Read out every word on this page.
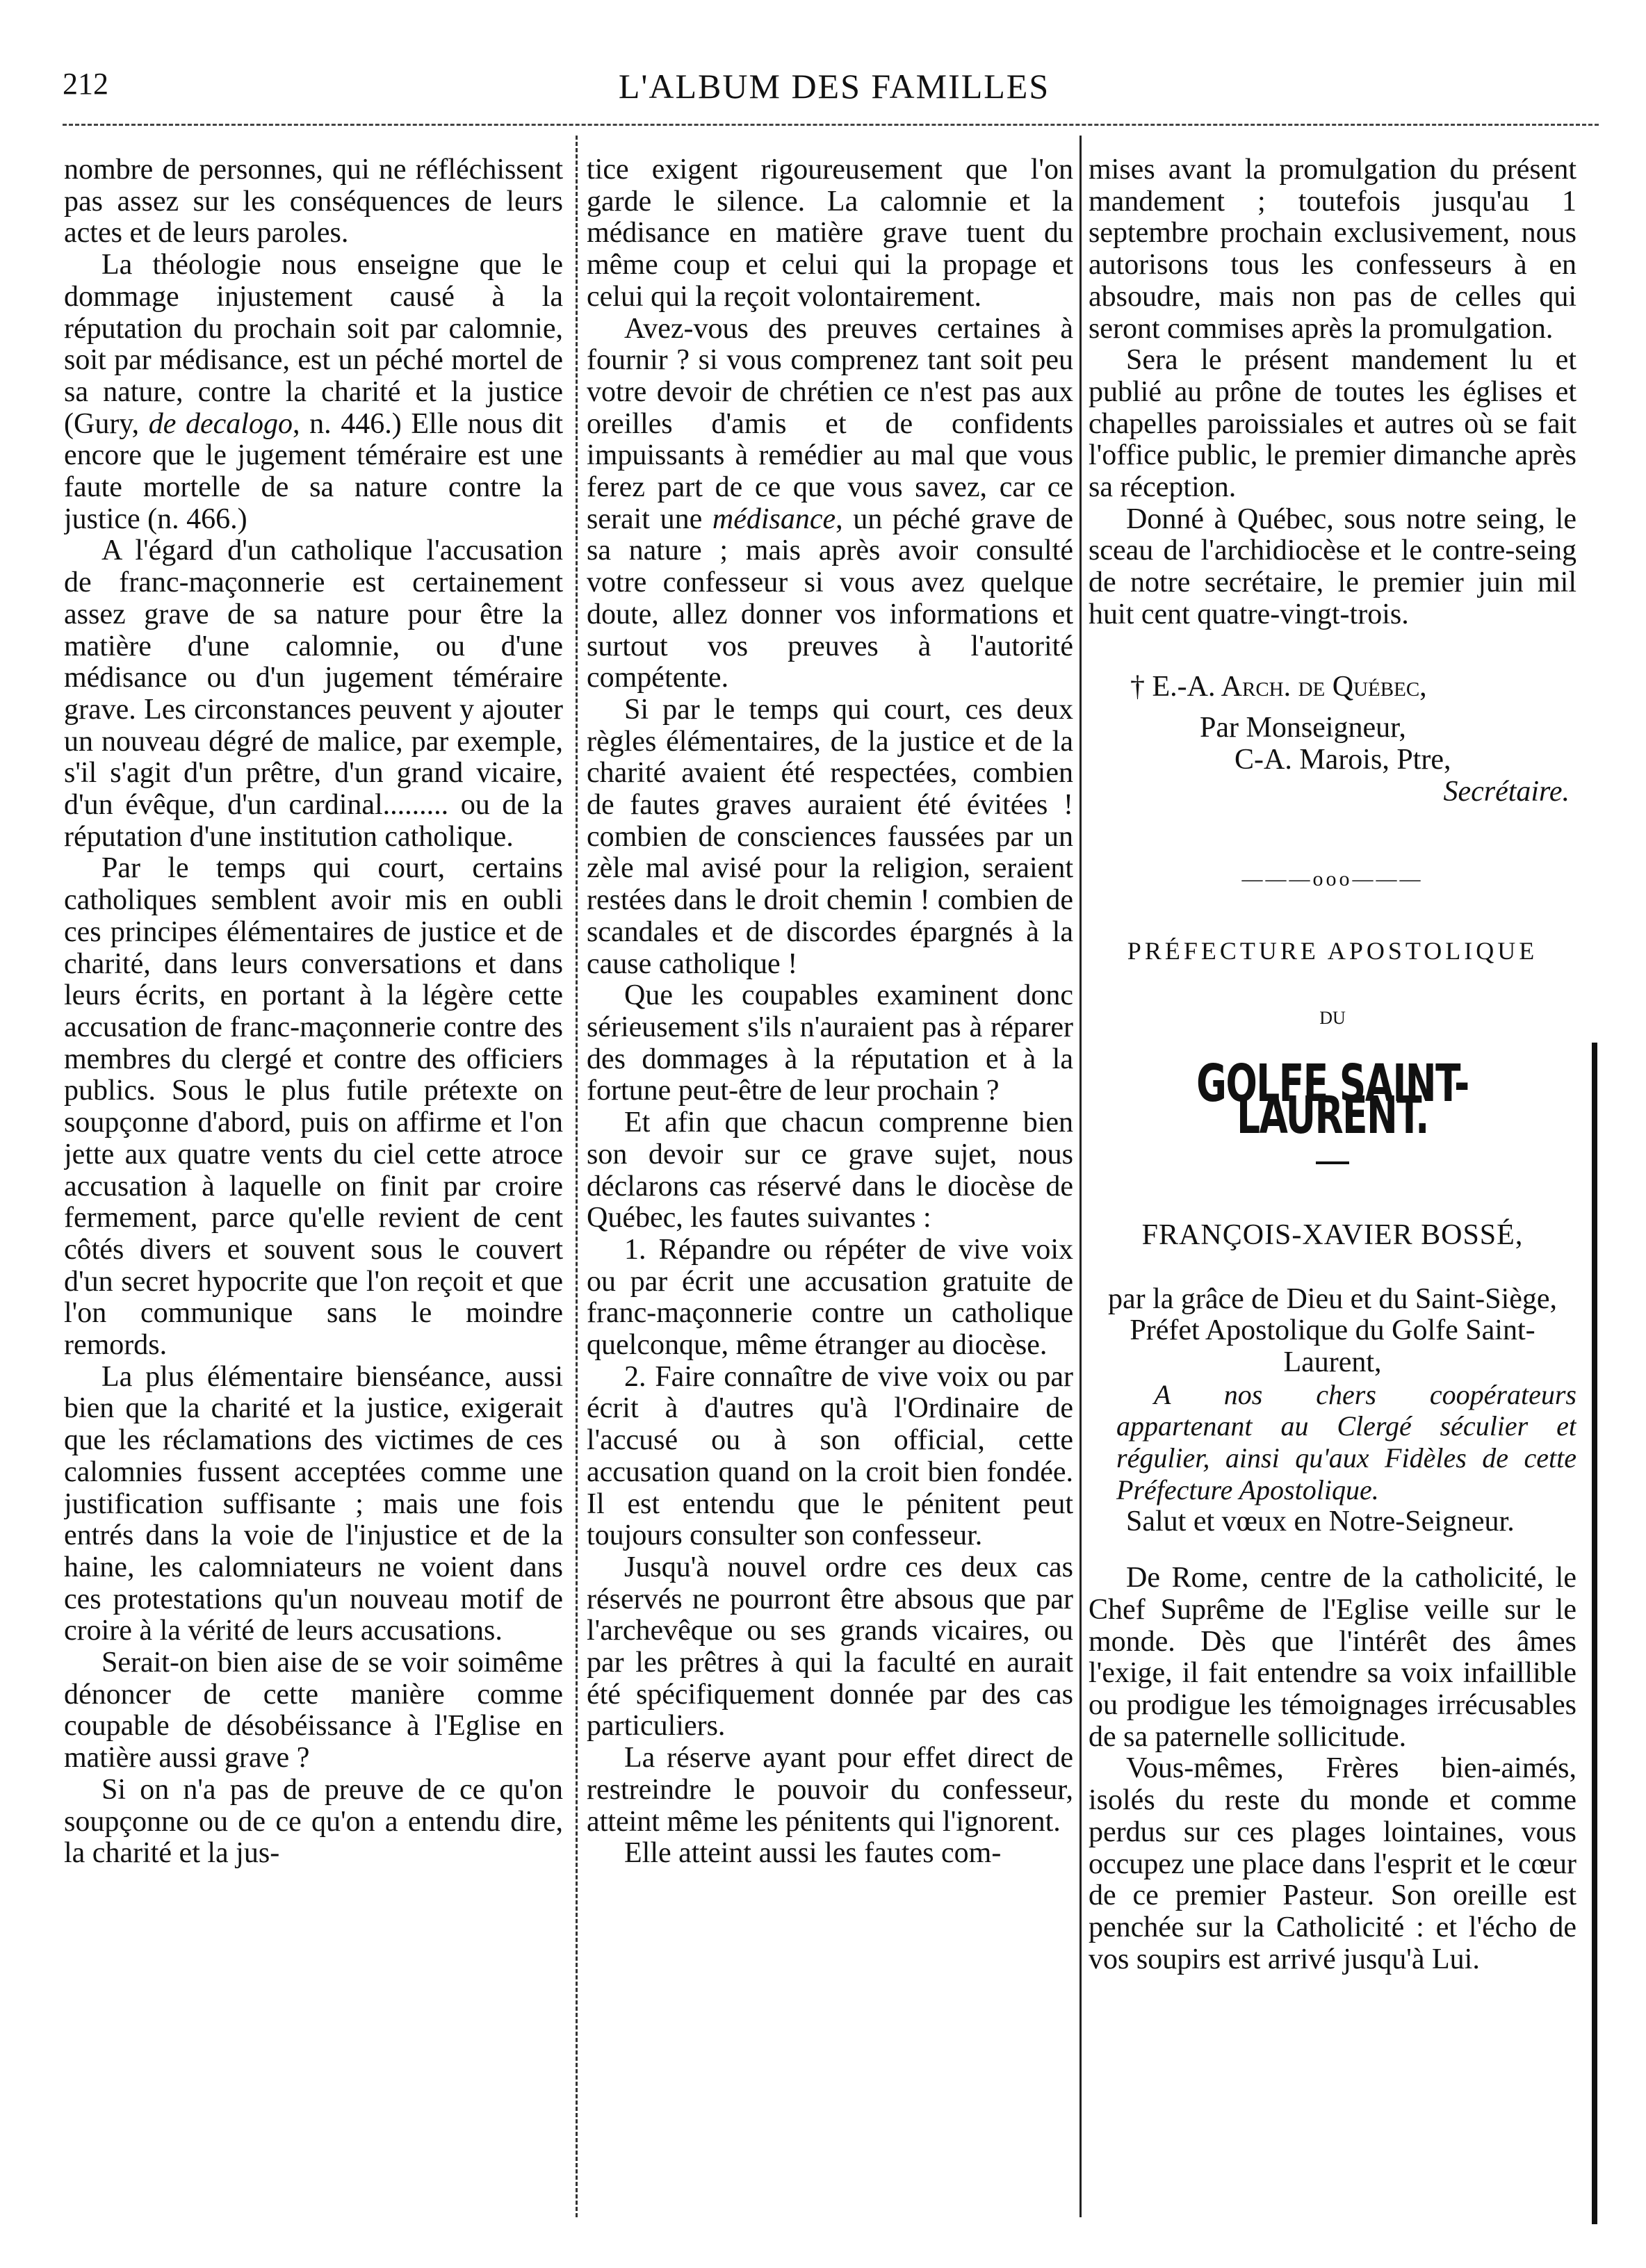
212	L'ALBUM DES FAMILLES

nombre de personnes, qui ne réfléchissent pas assez sur les conséquences de leurs actes et de leurs paroles.

La théologie nous enseigne que le dommage injustement causé à la réputation du prochain soit par calomnie, soit par médisance, est un péché mortel de sa nature, contre la charité et la justice (Gury, de decalogo, n. 446.) Elle nous dit encore que le jugement téméraire est une faute mortelle de sa nature contre la justice (n. 466.)

A l'égard d'un catholique l'accusation de franc-maçonnerie est certainement assez grave de sa nature pour être la matière d'une calomnie, ou d'une médisance ou d'un jugement téméraire grave. Les circonstances peuvent y ajouter un nouveau dégré de malice, par exemple, s'il s'agit d'un prêtre, d'un grand vicaire, d'un évêque, d'un cardinal......... ou de la réputation d'une institution catholique.

Par le temps qui court, certains catholiques semblent avoir mis en oubli ces principes élémentaires de justice et de charité, dans leurs conversations et dans leurs écrits, en portant à la légère cette accusation de franc-maçonnerie contre des membres du clergé et contre des officiers publics. Sous le plus futile prétexte on soupçonne d'abord, puis on affirme et l'on jette aux quatre vents du ciel cette atroce accusation à laquelle on finit par croire fermement, parce qu'elle revient de cent côtés divers et souvent sous le couvert d'un secret hypocrite que l'on reçoit et que l'on communique sans le moindre remords.

La plus élémentaire bienséance, aussi bien que la charité et la justice, exigerait que les réclamations des victimes de ces calomnies fussent acceptées comme une justification suffisante ; mais une fois entrés dans la voie de l'injustice et de la haine, les calomniateurs ne voient dans ces protestations qu'un nouveau motif de croire à la vérité de leurs accusations.

Serait-on bien aise de se voir soimême dénoncer de cette manière comme coupable de désobéissance à l'Eglise en matière aussi grave ?

Si on n'a pas de preuve de ce qu'on soupçonne ou de ce qu'on a entendu dire, la charité et la jus-

tice exigent rigoureusement que l'on garde le silence. La calomnie et la médisance en matière grave tuent du même coup et celui qui la propage et celui qui la reçoit volontairement.

Avez-vous des preuves certaines à fournir ? si vous comprenez tant soit peu votre devoir de chrétien ce n'est pas aux oreilles d'amis et de confidents impuissants à remédier au mal que vous ferez part de ce que vous savez, car ce serait une médisance, un péché grave de sa nature ; mais après avoir consulté votre confesseur si vous avez quelque doute, allez donner vos informations et surtout vos preuves à l'autorité compétente.

Si par le temps qui court, ces deux règles élémentaires, de la justice et de la charité avaient été respectées, combien de fautes graves auraient été évitées ! combien de consciences faussées par un zèle mal avisé pour la religion, seraient restées dans le droit chemin ! combien de scandales et de discordes épargnés à la cause catholique !

Que les coupables examinent donc sérieusement s'ils n'auraient pas à réparer des dommages à la réputation et à la fortune peut-être de leur prochain ?

Et afin que chacun comprenne bien son devoir sur ce grave sujet, nous déclarons cas réservé dans le diocèse de Québec, les fautes suivantes :

1. Répandre ou répéter de vive voix ou par écrit une accusation gratuite de franc-maçonnerie contre un catholique quelconque, même étranger au diocèse.

2. Faire connaître de vive voix ou par écrit à d'autres qu'à l'Ordinaire de l'accusé ou à son official, cette accusation quand on la croit bien fondée. Il est entendu que le pénitent peut toujours consulter son confesseur.

Jusqu'à nouvel ordre ces deux cas réservés ne pourront être absous que par l'archevêque ou ses grands vicaires, ou par les prêtres à qui la faculté en aurait été spécifiquement donnée par des cas particuliers.

La réserve ayant pour effet direct de restreindre le pouvoir du confesseur, atteint même les pénitents qui l'ignorent.

Elle atteint aussi les fautes com-

mises avant la promulgation du présent mandement ; toutefois jusqu'au 1 septembre prochain exclusivement, nous autorisons tous les confesseurs à en absoudre, mais non pas de celles qui seront commises après la promulgation.

Sera le présent mandement lu et publié au prône de toutes les églises et chapelles paroissiales et autres où se fait l'office public, le premier dimanche après sa réception.

Donné à Québec, sous notre seing, le sceau de l'archidiocèse et le contre-seing de notre secrétaire, le premier juin mil huit cent quatre-vingt-trois.

† E.-A. Arch. de Québec,
Par Monseigneur,
C-A. Marois, Ptre,
Secrétaire.
———ooo———
PRÉFECTURE APOSTOLIQUE
DU
GOLFE SAINT-LAURENT.
FRANÇOIS-XAVIER BOSSÉ,
par la grâce de Dieu et du Saint-Siège, Préfet Apostolique du Golfe Saint-Laurent,

A nos chers coopérateurs appartenant au Clergé séculier et régulier, ainsi qu'aux Fidèles de cette Préfecture Apostolique.

Salut et vœux en Notre-Seigneur.

De Rome, centre de la catholicité, le Chef Suprême de l'Eglise veille sur le monde. Dès que l'intérêt des âmes l'exige, il fait entendre sa voix infaillible ou prodigue les témoignages irrécusables de sa paternelle sollicitude.

Vous-mêmes, Frères bien-aimés, isolés du reste du monde et comme perdus sur ces plages lointaines, vous occupez une place dans l'esprit et le cœur de ce premier Pasteur. Son oreille est penchée sur la Catholicité : et l'écho de vos soupirs est arrivé jusqu'à Lui.
